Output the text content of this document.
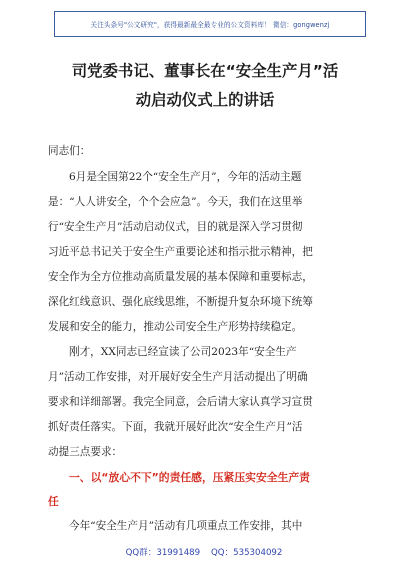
关注头条号"公文研究"，获得最新最全最专业的公文资料库！ 微信：gongwenzj
司党委书记、董事长在“安全生产月”活
动启动仪式上的讲话
同志们：
6月是全国第22个“安全生产月”，今年的活动主题
是：“人人讲安全，个个会应急”。今天，我们在这里举
行“安全生产月”活动启动仪式，目的就是深入学习贯彻
习近平总书记关于安全生产重要论述和指示批示精神，把
安全作为全方位推动高质量发展的基本保障和重要标志，
深化红线意识、强化底线思维，不断提升复杂环境下统筹
发展和安全的能力，推动公司安全生产形势持续稳定。
刚才，XX同志已经宣读了公司2023年“安全生产
月”活动工作安排，对开展好安全生产月活动提出了明确
要求和详细部署。我完全同意，会后请大家认真学习宣贯
抓好责任落实。下面，我就开展好此次“安全生产月”活
动提三点要求：
一、以“放心不下”的责任感，压紧压实安全生产责
任
今年“安全生产月”活动有几项重点工作安排，其中
QQ群：31991489    QQ：535304092
